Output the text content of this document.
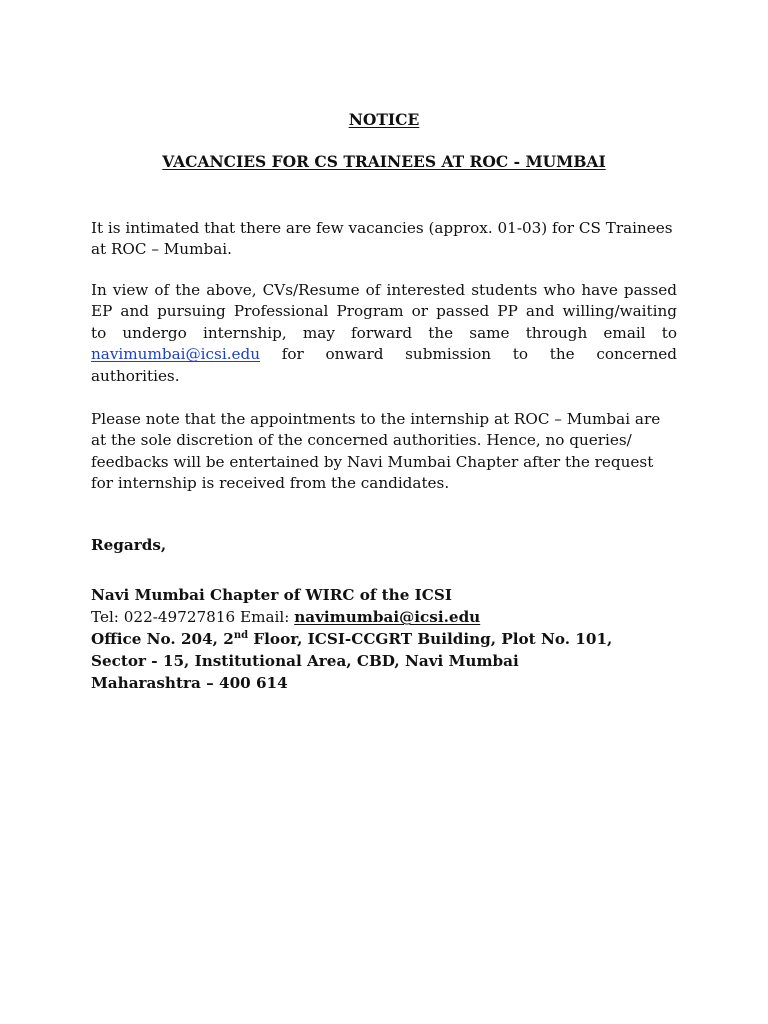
NOTICE
VACANCIES FOR CS TRAINEES AT ROC - MUMBAI
It is intimated that there are few vacancies (approx. 01-03) for CS Trainees
at ROC – Mumbai.
In view of the above, CVs/Resume of interested students who have passed
EP and pursuing Professional Program or passed PP and willing/waiting
to undergo internship, may forward the same through email to
navimumbai@icsi.edu for onward submission to the concerned
authorities.
Please note that the appointments to the internship at ROC – Mumbai are
at the sole discretion of the concerned authorities. Hence, no queries/
feedbacks will be entertained by Navi Mumbai Chapter after the request
for internship is received from the candidates.
Regards,
Navi Mumbai Chapter of WIRC of the ICSI
Tel: 022-49727816 Email: navimumbai@icsi.edu
Office No. 204, 2nd Floor, ICSI-CCGRT Building, Plot No. 101,
Sector - 15, Institutional Area, CBD, Navi Mumbai
Maharashtra – 400 614
